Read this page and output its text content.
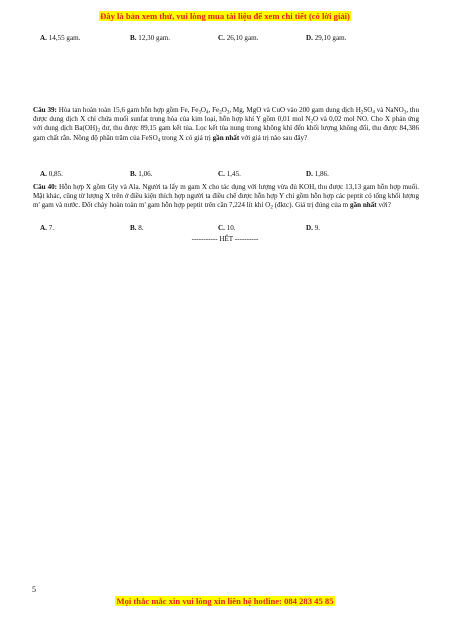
Đây là bản xem thử, vui lòng mua tài liệu để xem chi tiết (có lời giải)
A. 14,55 gam.	B. 12,30 gam.	C. 26,10 gam.	D. 29,10 gam.
Câu 39: Hòa tan hoàn toàn 15,6 gam hỗn hợp gồm Fe, $Fe_3O_4$, $Fe_2O_3$, Mg, MgO và CuO vào 200 gam dung dịch $H_2SO_4$ và NaNO$_3$, thu được dung dịch X chỉ chứa muối sunfat trung hòa của kim loại, hỗn hợp khí Y gồm 0,01 mol $N_2O$ và 0,02 mol NO. Cho X phản ứng với dung dịch $Ba(OH)_2$ dư, thu được 89,15 gam kết tủa. Lọc kết tủa nung trong không khí đến khối lượng không đổi, thu được 84,386 gam chất rắn. Nồng độ phần trăm của FeSO$_4$ trong X có giá trị gần nhất với giá trị nào sau đây?
A. 0,85.	B. 1,06.	C. 1,45.	D. 1,86.
Câu 40: Hỗn hợp X gồm Gly và Ala. Người ta lấy m gam X cho tác dụng với lượng vừa đủ KOH, thu được 13,13 gam hỗn hợp muối. Mặt khác, cũng từ lượng X trên ở điều kiện thích hợp người ta điều chế được hỗn hợp Y chỉ gồm hỗn hợp các peptit có tổng khối lượng m' gam và nước. Đốt cháy hoàn toàn m' gam hỗn hợp peptit trên cần 7,224 lít khí $O_2$ (đktc). Giá trị đúng của m gần nhất với?
A. 7.	B. 8.	C. 10.	D. 9.
----------- HẾT ----------
5
Mọi thắc mắc xin vui lòng xin liên hệ hotline: 084 283 45 85
